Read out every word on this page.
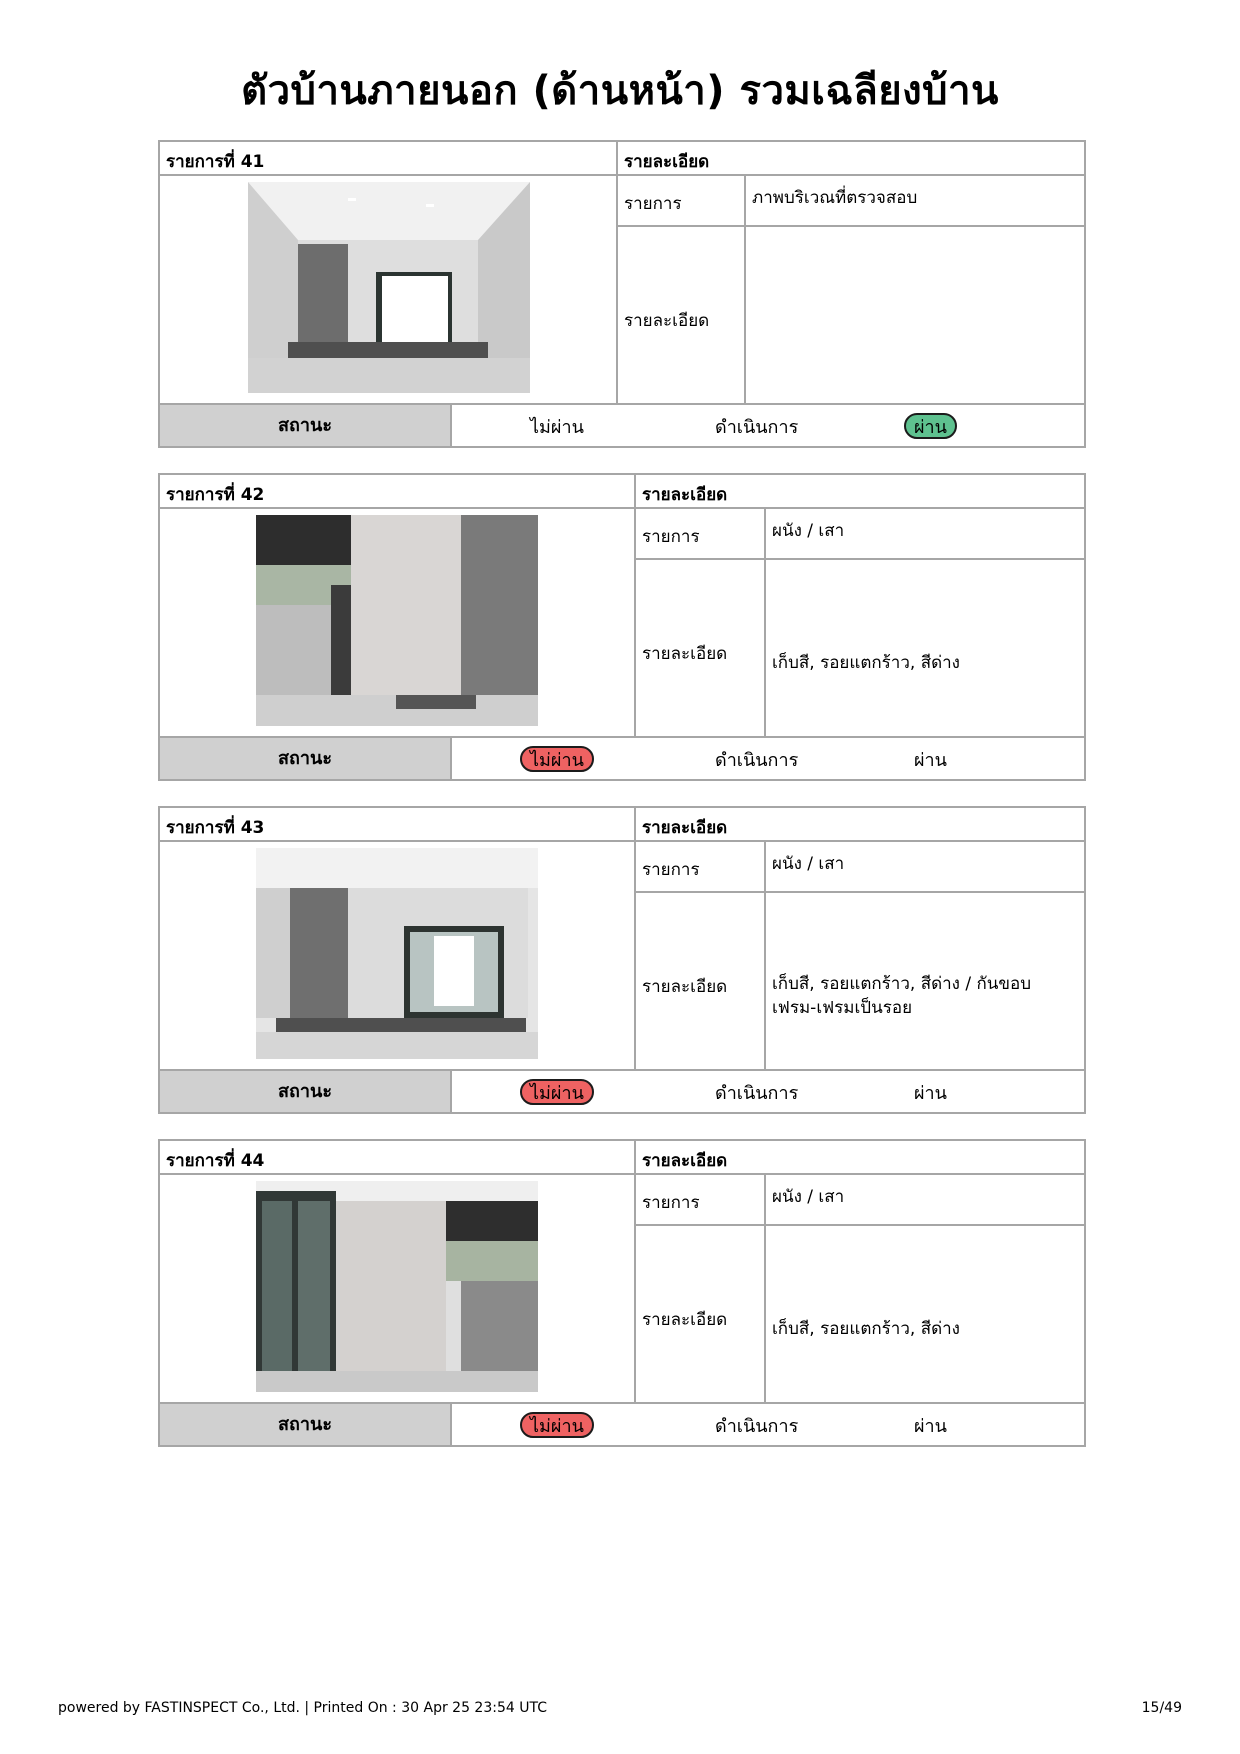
ตัวบ้านภายนอก (ด้านหน้า) รวมเฉลียงบ้าน
รายการที่ 41	รายละเอียด
รายการ	ภาพบริเวณที่ตรวจสอบ
รายละเอียด
สถานะ	ไม่ผ่าน	ดำเนินการ	ผ่าน
รายการที่ 42	รายละเอียด
รายการ	ผนัง / เสา
รายละเอียด	เก็บสี, รอยแตกร้าว, สีด่าง
สถานะ	ไม่ผ่าน	ดำเนินการ	ผ่าน
รายการที่ 43	รายละเอียด
รายการ	ผนัง / เสา
รายละเอียด	เก็บสี, รอยแตกร้าว, สีด่าง / กันขอบเฟรม-เฟรมเป็นรอย
สถานะ	ไม่ผ่าน	ดำเนินการ	ผ่าน
รายการที่ 44	รายละเอียด
รายการ	ผนัง / เสา
รายละเอียด	เก็บสี, รอยแตกร้าว, สีด่าง
สถานะ	ไม่ผ่าน	ดำเนินการ	ผ่าน
powered by FASTINSPECT Co., Ltd. | Printed On : 30 Apr 25 23:54 UTC	15/49
